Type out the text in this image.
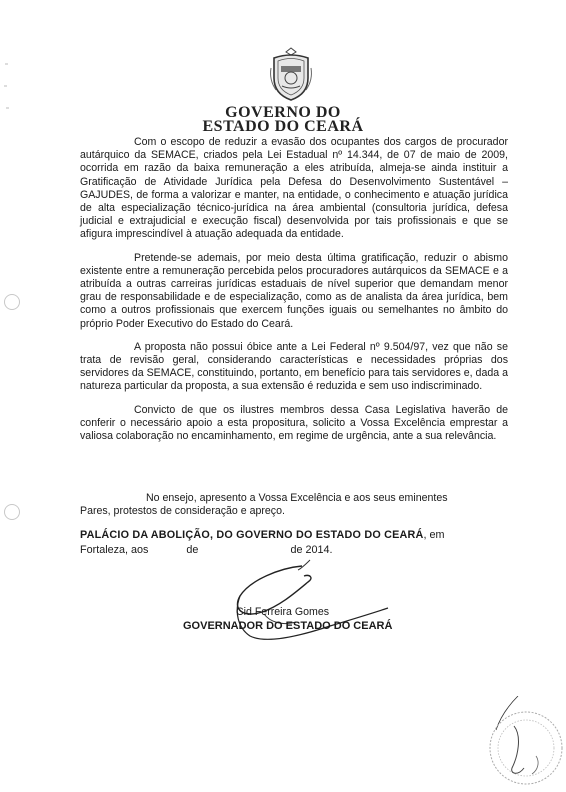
GOVERNO DO
ESTADO DO CEARÁ

Com o escopo de reduzir a evasão dos ocupantes dos cargos de procurador autárquico da SEMACE, criados pela Lei Estadual nº 14.344, de 07 de maio de 2009, ocorrida em razão da baixa remuneração a eles atribuída, almeja-se ainda instituir a Gratificação de Atividade Jurídica pela Defesa do Desenvolvimento Sustentável – GAJUDES, de forma a valorizar e manter, na entidade, o conhecimento e atuação jurídica de alta especialização técnico-jurídica na área ambiental (consultoria jurídica, defesa judicial e extrajudicial e execução fiscal) desenvolvida por tais profissionais e que se afigura imprescindível à atuação adequada da entidade.

Pretende-se ademais, por meio desta última gratificação, reduzir o abismo existente entre a remuneração percebida pelos procuradores autárquicos da SEMACE e a atribuída a outras carreiras jurídicas estaduais de nível superior que demandam menor grau de responsabilidade e de especialização, como as de analista da área jurídica, bem como a outros profissionais que exercem funções iguais ou semelhantes no âmbito do próprio Poder Executivo do Estado do Ceará.

A proposta não possui óbice ante a Lei Federal nº 9.504/97, vez que não se trata de revisão geral, considerando características e necessidades próprias dos servidores da SEMACE, constituindo, portanto, em benefício para tais servidores e, dada a natureza particular da proposta, a sua extensão é reduzida e sem uso indiscriminado.

Convicto de que os ilustres membros dessa Casa Legislativa haverão de conferir o necessário apoio a esta propositura, solicito a Vossa Excelência emprestar a valiosa colaboração no encaminhamento, em regime de urgência, ante a sua relevância.

No ensejo, apresento a Vossa Excelência e aos seus eminentes

Pares, protestos de consideração e apreço.

PALÁCIO DA ABOLIÇÃO, DO GOVERNO DO ESTADO DO CEARÁ, em
Fortaleza, aos	de	de 2014.
Cid Ferreira Gomes
GOVERNADOR DO ESTADO DO CEARÁ
